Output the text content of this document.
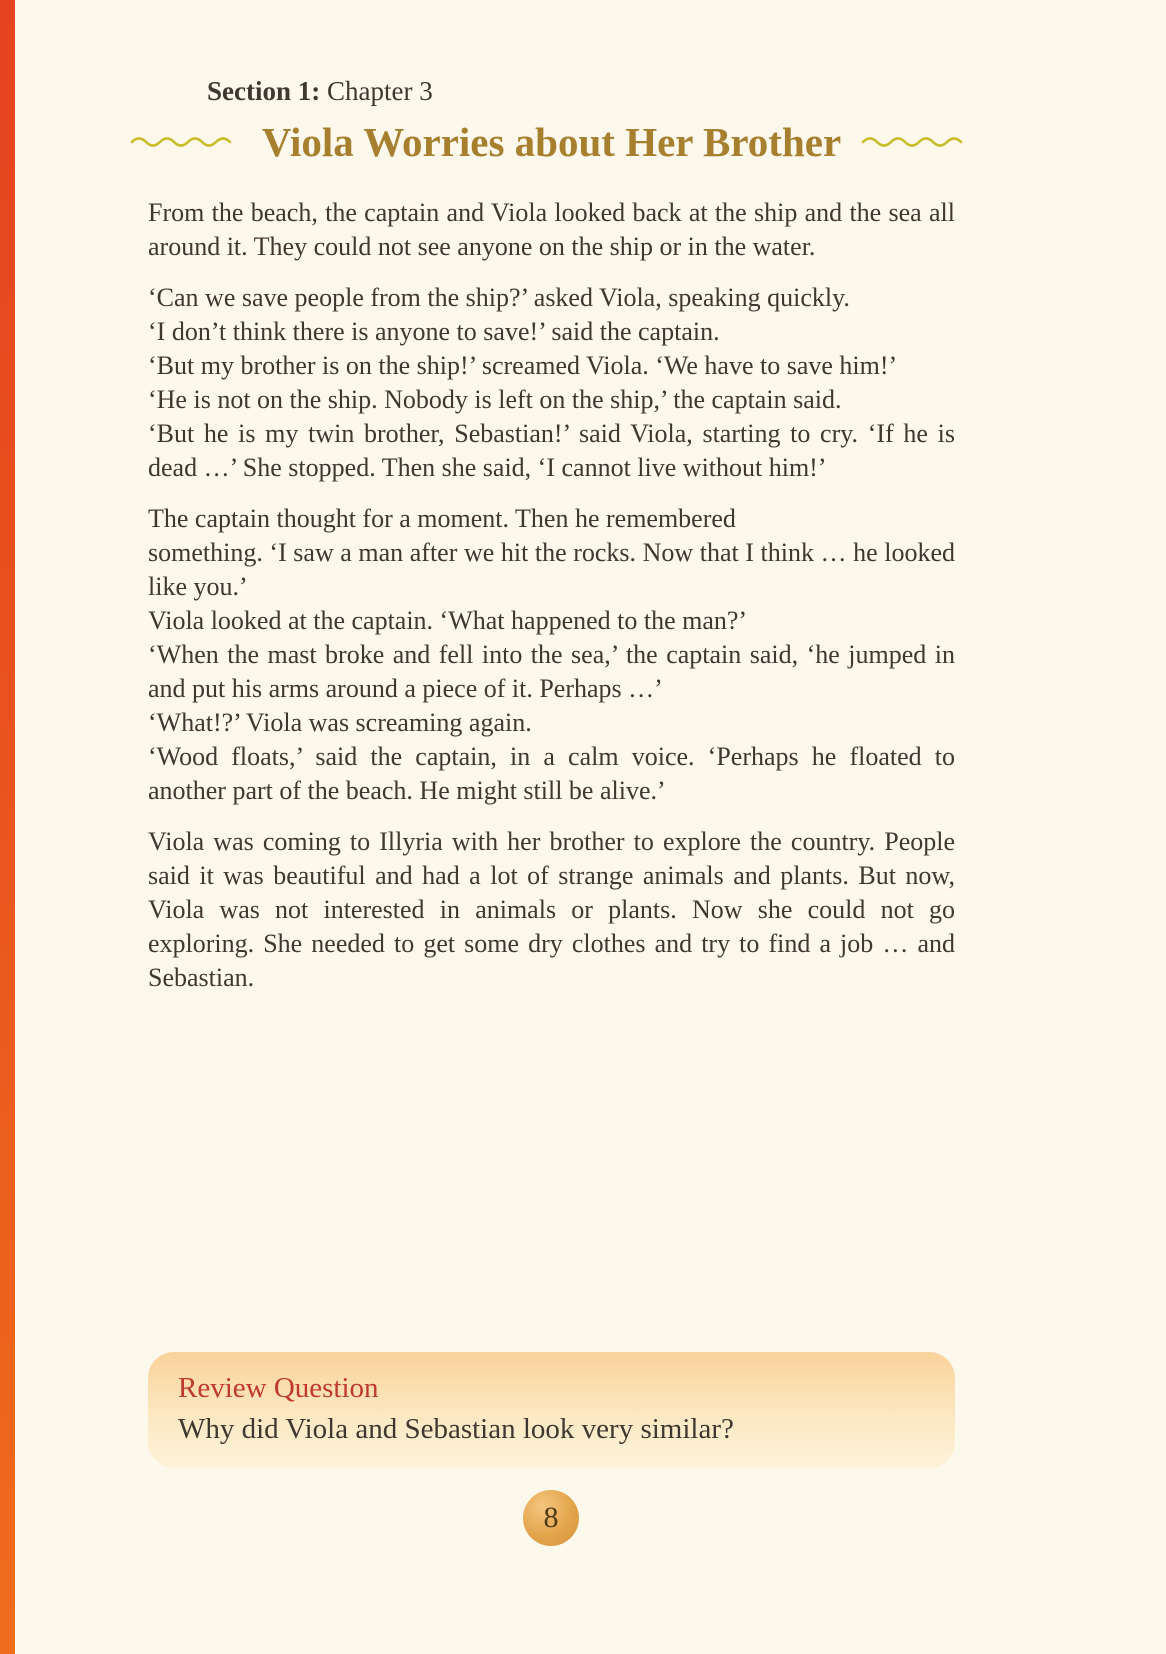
Section 1: Chapter 3
Viola Worries about Her Brother
From the beach, the captain and Viola looked back at the ship and the sea all around it. They could not see anyone on the ship or in the water.
‘Can we save people from the ship?’ asked Viola, speaking quickly.
‘I don’t think there is anyone to save!’ said the captain.
‘But my brother is on the ship!’ screamed Viola. ‘We have to save him!’
‘He is not on the ship. Nobody is left on the ship,’ the captain said.
‘But he is my twin brother, Sebastian!’ said Viola, starting to cry. ‘If he is dead …’ She stopped. Then she said, ‘I cannot live without him!’
The captain thought for a moment. Then he remembered
something. ‘I saw a man after we hit the rocks. Now that I think … he looked like you.’
Viola looked at the captain. ‘What happened to the man?’
‘When the mast broke and fell into the sea,’ the captain said, ‘he jumped in and put his arms around a piece of it. Perhaps …’
‘What!?’ Viola was screaming again.
‘Wood floats,’ said the captain, in a calm voice. ‘Perhaps he floated to another part of the beach. He might still be alive.’
Viola was coming to Illyria with her brother to explore the country. People said it was beautiful and had a lot of strange animals and plants. But now, Viola was not interested in animals or plants. Now she could not go exploring. She needed to get some dry clothes and try to find a job … and Sebastian.
Review Question
Why did Viola and Sebastian look very similar?
8
